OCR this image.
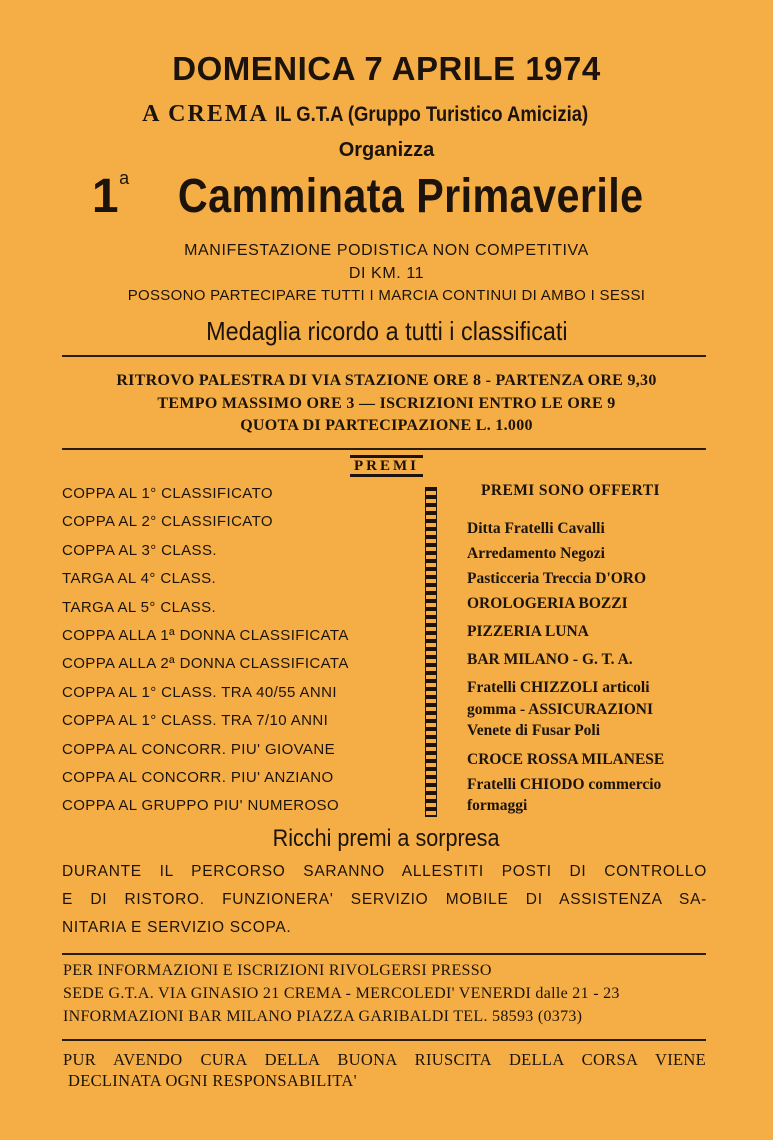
DOMENICA 7 APRILE 1974
A CREMA IL G.T.A (Gruppo Turistico Amicizia)
Organizza
1$^a$ Camminata Primaverile
MANIFESTAZIONE PODISTICA NON COMPETITIVA
DI KM. 11
POSSONO PARTECIPARE TUTTI I MARCIA CONTINUI DI AMBO I SESSI
Medaglia ricordo a tutti i classificati
RITROVO PALESTRA DI VIA STAZIONE ORE 8 - PARTENZA ORE 9,30
TEMPO MASSIMO ORE 3 — ISCRIZIONI ENTRO LE ORE 9
QUOTA DI PARTECIPAZIONE L. 1.000
PREMI
COPPA AL 1° CLASSIFICATO
COPPA AL 2° CLASSIFICATO
COPPA AL 3° CLASS.
TARGA AL 4° CLASS.
TARGA AL 5° CLASS.
COPPA ALLA 1ª DONNA CLASSIFICATA
COPPA ALLA 2ª DONNA CLASSIFICATA
COPPA AL 1° CLASS. TRA 40/55 ANNI
COPPA AL 1° CLASS. TRA 7/10 ANNI
COPPA AL CONCORR. PIU' GIOVANE
COPPA AL CONCORR. PIU' ANZIANO
COPPA AL GRUPPO PIU' NUMEROSO
PREMI SONO OFFERTI
Ditta Fratelli Cavalli
Arredamento Negozi
Pasticceria Treccia D'ORO
OROLOGERIA BOZZI
PIZZERIA LUNA
BAR MILANO - G. T. A.
Fratelli CHIZZOLI articoli
gomma - ASSICURAZIONI
Venete di Fusar Poli
CROCE ROSSA MILANESE
Fratelli CHIODO commercio
formaggi
Ricchi premi a sorpresa
DURANTE IL PERCORSO SARANNO ALLESTITI POSTI DI CONTROLLO
E DI RISTORO. FUNZIONERA' SERVIZIO MOBILE DI ASSISTENZA SA-
NITARIA E SERVIZIO SCOPA.
PER INFORMAZIONI E ISCRIZIONI RIVOLGERSI PRESSO
SEDE G.T.A. VIA GINASIO 21 CREMA - MERCOLEDI' VENERDI dalle 21 - 23
INFORMAZIONI BAR MILANO PIAZZA GARIBALDI TEL. 58593 (0373)
PUR AVENDO CURA DELLA BUONA RIUSCITA DELLA CORSA VIENE
DECLINATA OGNI RESPONSABILITA'
